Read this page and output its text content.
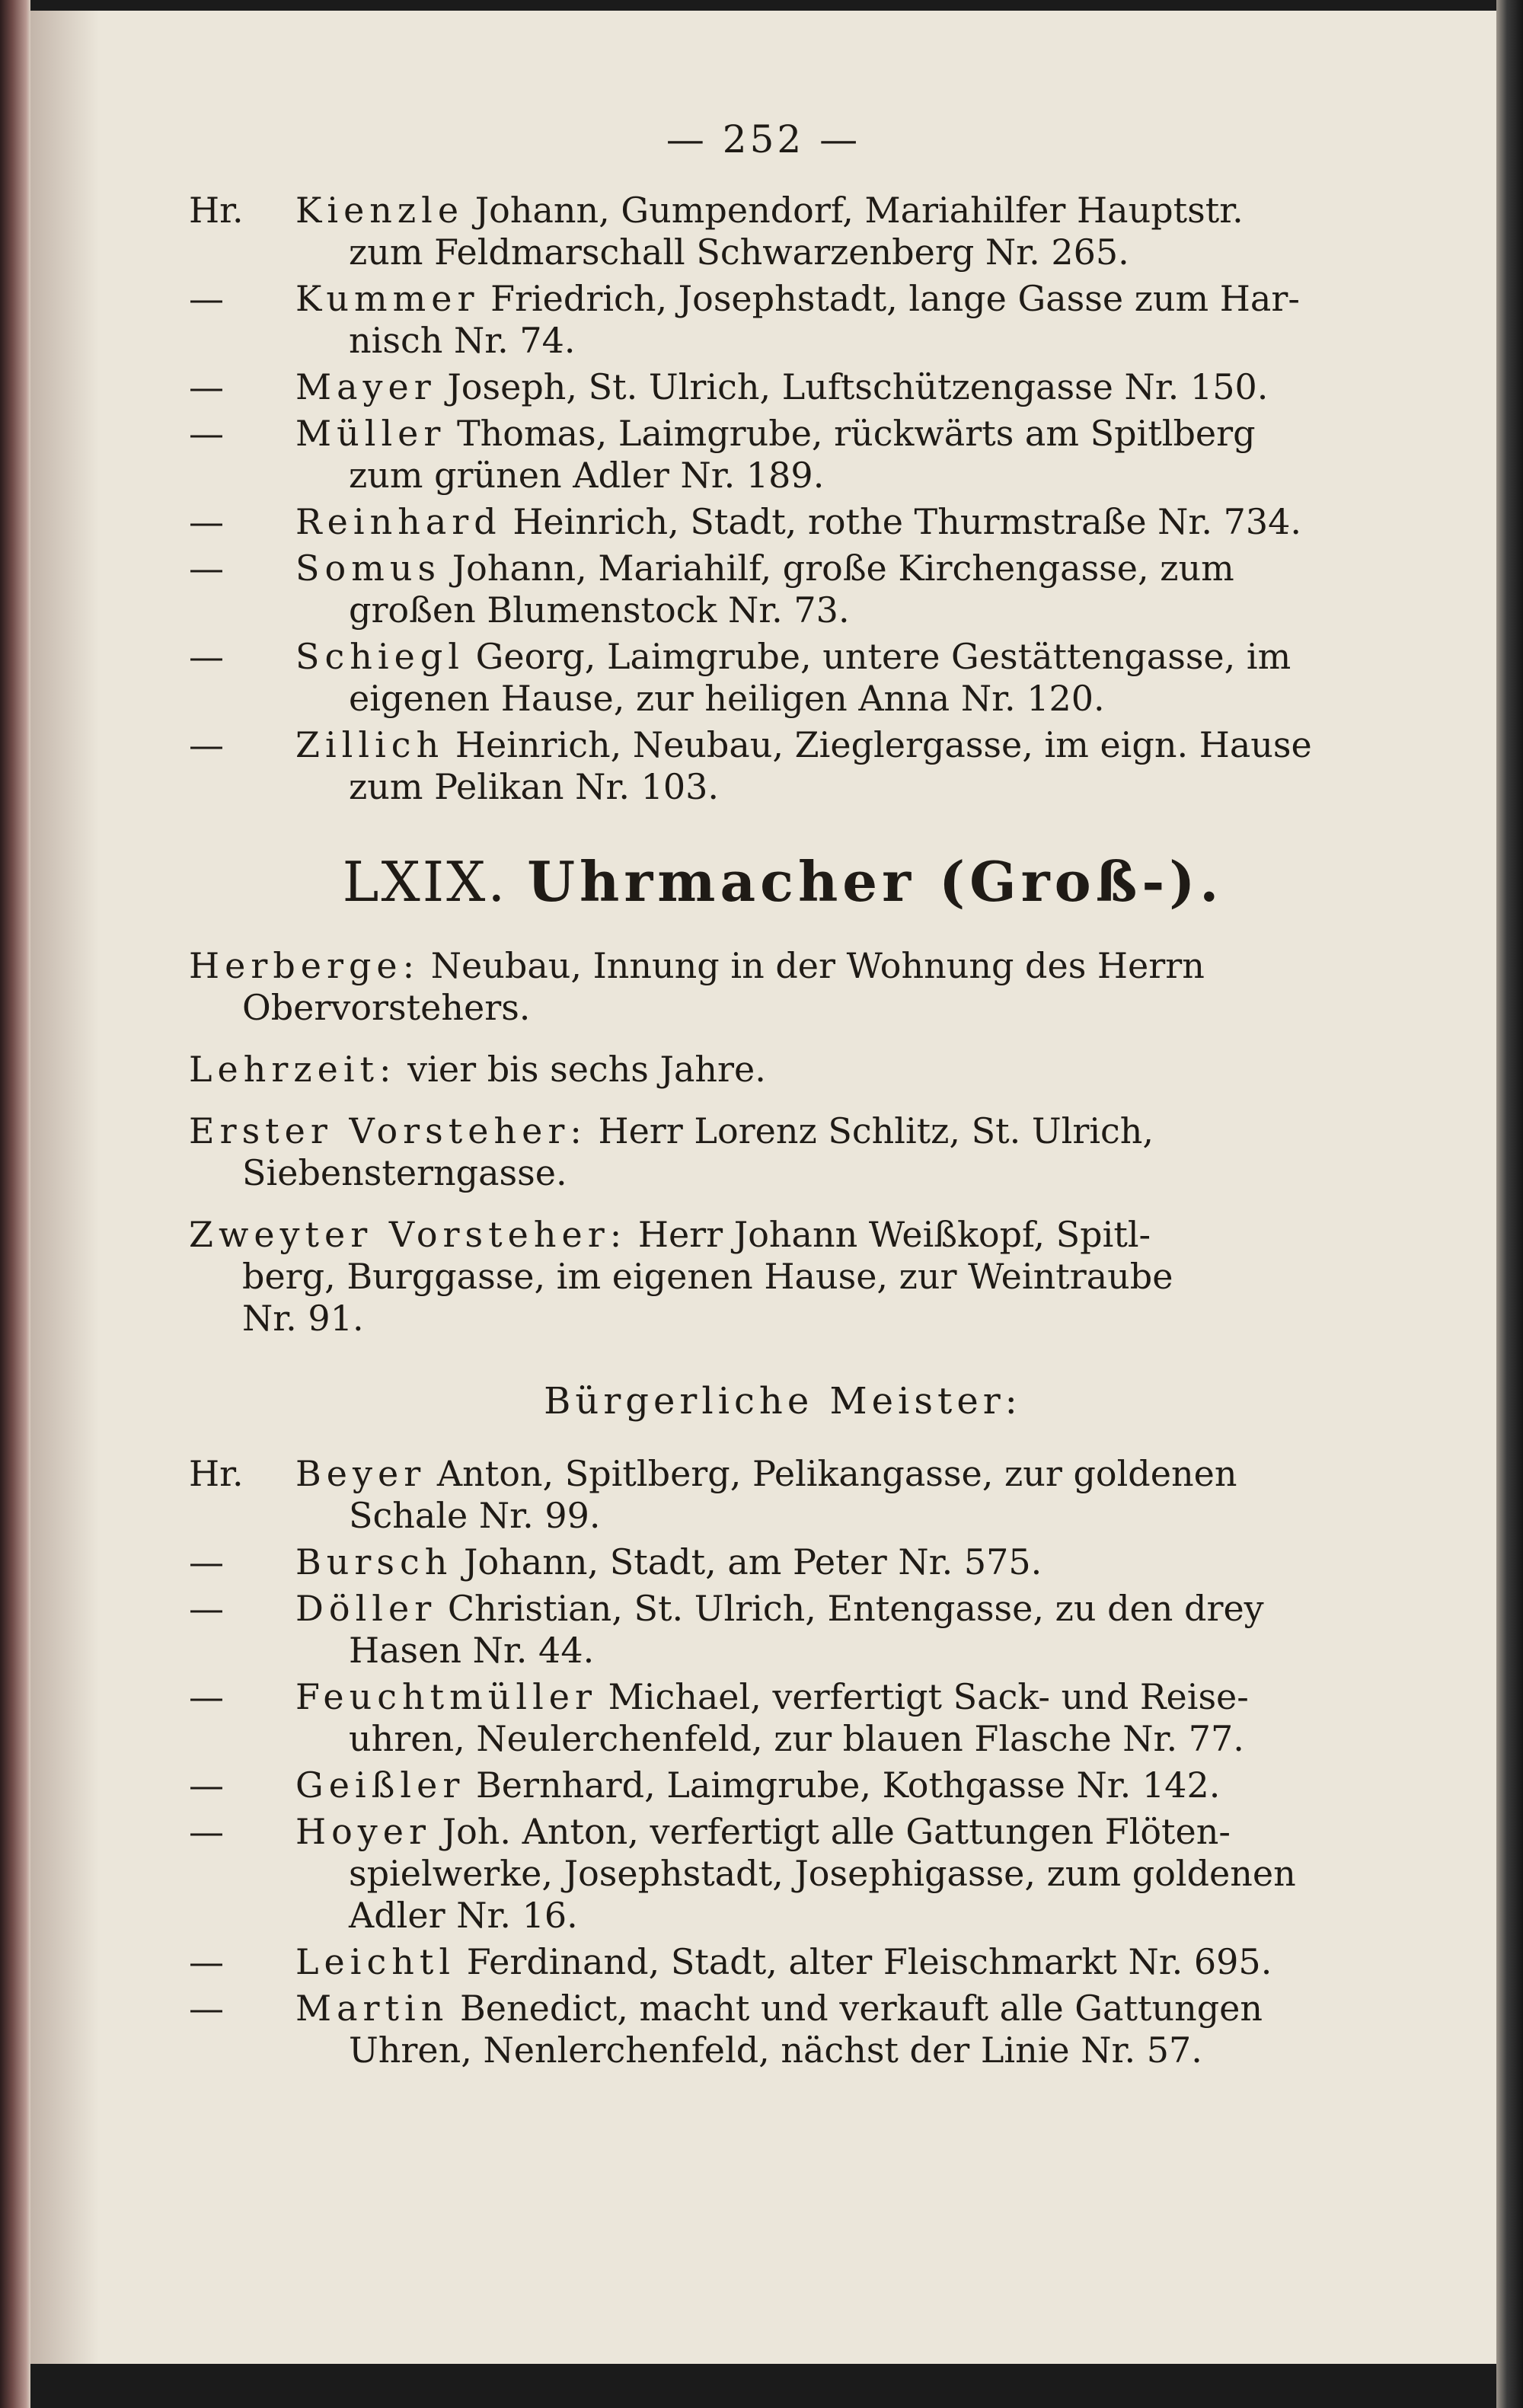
— 252 —
Hr.	Kienzle Johann, Gumpendorf, Mariahilfer Hauptstr.
zum Feldmarschall Schwarzenberg Nr. 265.
—	Kummer Friedrich, Josephstadt, lange Gasse zum Har-
nisch Nr. 74.
—	Mayer Joseph, St. Ulrich, Luftschützengasse Nr. 150.
—	Müller Thomas, Laimgrube, rückwärts am Spitlberg
zum grünen Adler Nr. 189.
—	Reinhard Heinrich, Stadt, rothe Thurmstraße Nr. 734.
—	Somus Johann, Mariahilf, große Kirchengasse, zum
großen Blumenstock Nr. 73.
—	Schiegl Georg, Laimgrube, untere Gestättengasse, im
eigenen Hause, zur heiligen Anna Nr. 120.
—	Zillich Heinrich, Neubau, Zieglergasse, im eign. Hause
zum Pelikan Nr. 103.
LXIX. Uhrmacher (Groß-).
Herberge: Neubau, Innung in der Wohnung des Herrn
Obervorstehers.
Lehrzeit: vier bis sechs Jahre.
Erster Vorsteher: Herr Lorenz Schlitz, St. Ulrich,
Siebensterngasse.
Zweyter Vorsteher: Herr Johann Weißkopf, Spitl-
berg, Burggasse, im eigenen Hause, zur Weintraube
Nr. 91.
Bürgerliche Meister:
Hr.	Beyer Anton, Spitlberg, Pelikangasse, zur goldenen
Schale Nr. 99.
—	Bursch Johann, Stadt, am Peter Nr. 575.
—	Döller Christian, St. Ulrich, Entengasse, zu den drey
Hasen Nr. 44.
—	Feuchtmüller Michael, verfertigt Sack- und Reise-
uhren, Neulerchenfeld, zur blauen Flasche Nr. 77.
—	Geißler Bernhard, Laimgrube, Kothgasse Nr. 142.
—	Hoyer Joh. Anton, verfertigt alle Gattungen Flöten-
spielwerke, Josephstadt, Josephigasse, zum goldenen
Adler Nr. 16.
—	Leichtl Ferdinand, Stadt, alter Fleischmarkt Nr. 695.
—	Martin Benedict, macht und verkauft alle Gattungen
Uhren, Nenlerchenfeld, nächst der Linie Nr. 57.
